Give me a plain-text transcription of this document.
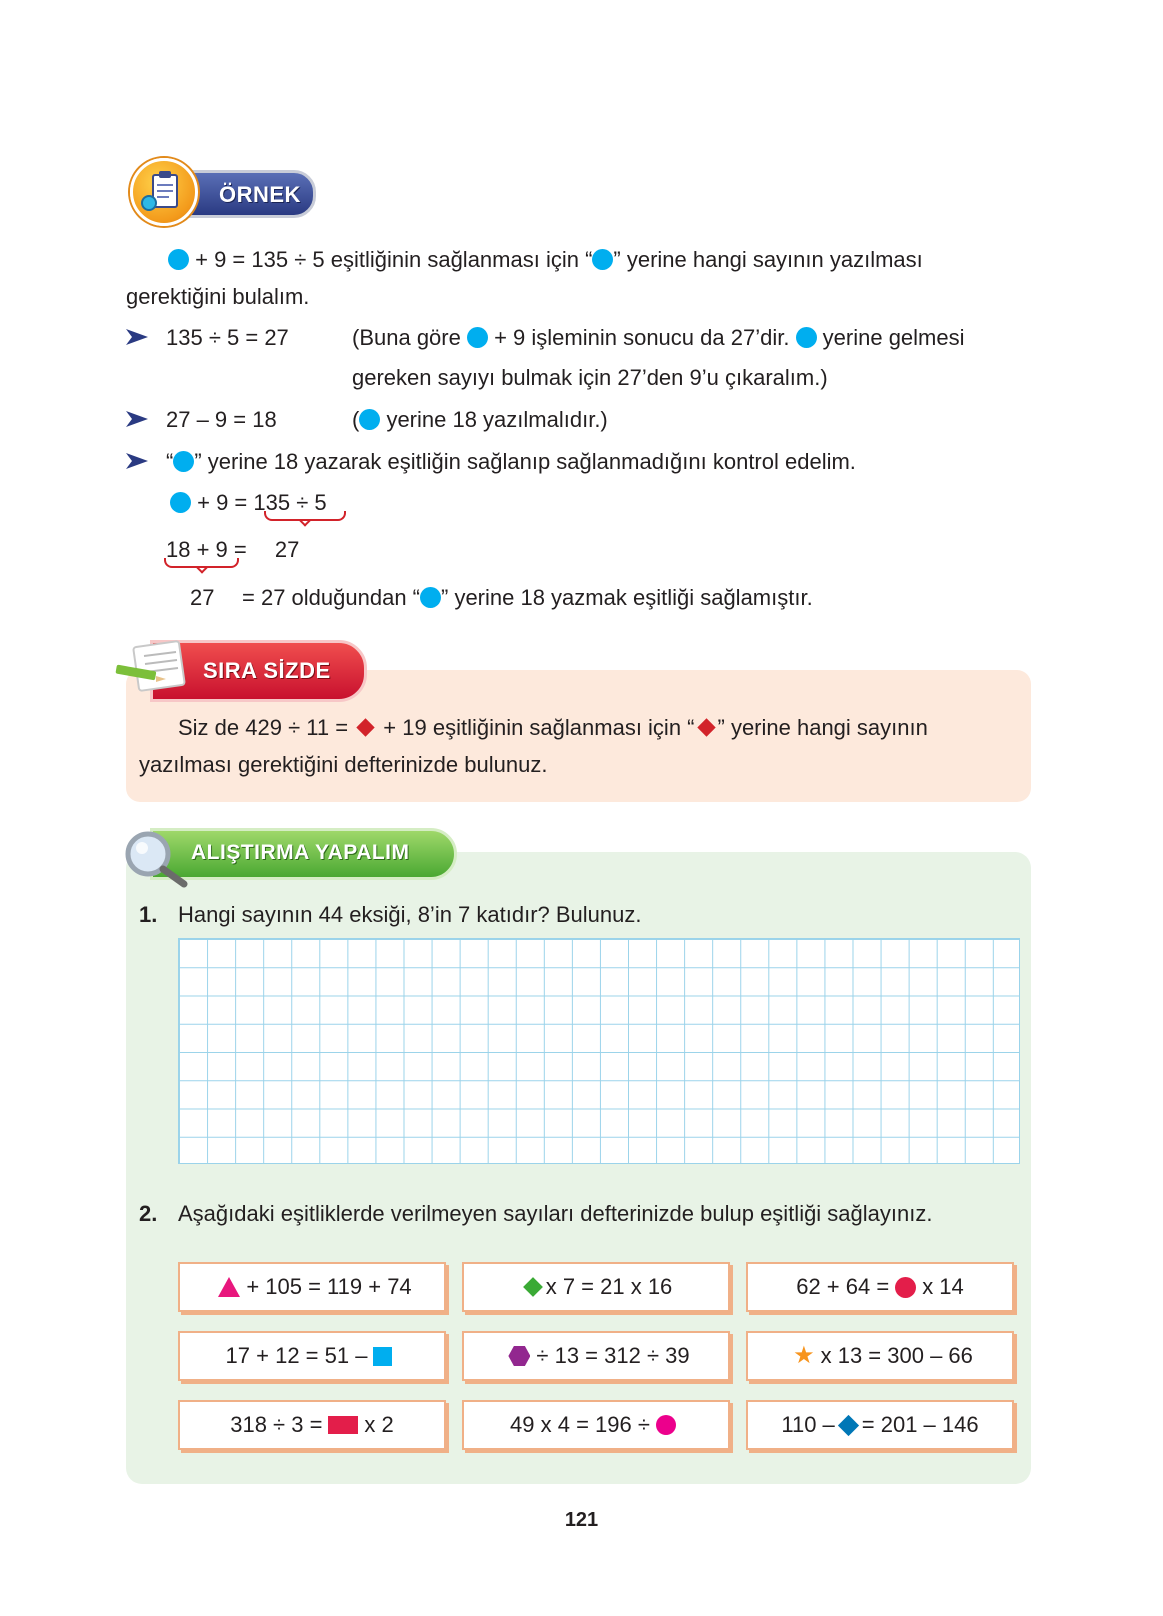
ÖRNEK
+ 9 = 135 ÷ 5 eşitliğinin sağlanması için “ ” yerine hangi sayının yazılması
gerektiğini bulalım.
135 ÷ 5 = 27	(Buna göre  + 9 işleminin sonucu da 27’dir.  yerine gelmesi
gereken sayıyı bulmak için 27’den 9’u çıkaralım.)
27 – 9 = 18	( yerine 18 yazılmalıdır.)
“ ” yerine 18 yazarak eşitliğin sağlanıp sağlanmadığını kontrol edelim.
+ 9 = 135 ÷ 5
18 + 9 = 27
27 = 27 olduğundan “ ” yerine 18 yazmak eşitliği sağlamıştır.
SIRA SİZDE
Siz de 429 ÷ 11 =  + 19 eşitliğinin sağlanması için “ ” yerine hangi sayının
yazılması gerektiğini defterinizde bulunuz.
ALIŞTIRMA YAPALIM
1. Hangi sayının 44 eksiği, 8’in 7 katıdır? Bulunuz.
2. Aşağıdaki eşitliklerde verilmeyen sayıları defterinizde bulup eşitliği sağlayınız.
+ 105 = 119 + 74	x 7 = 21 x 16	62 + 64 = x 14
17 + 12 = 51 –	÷ 13 = 312 ÷ 39	★ x 13 = 300 – 66
318 ÷ 3 = x 2	49 x 4 = 196 ÷	110 – = 201 – 146
121
